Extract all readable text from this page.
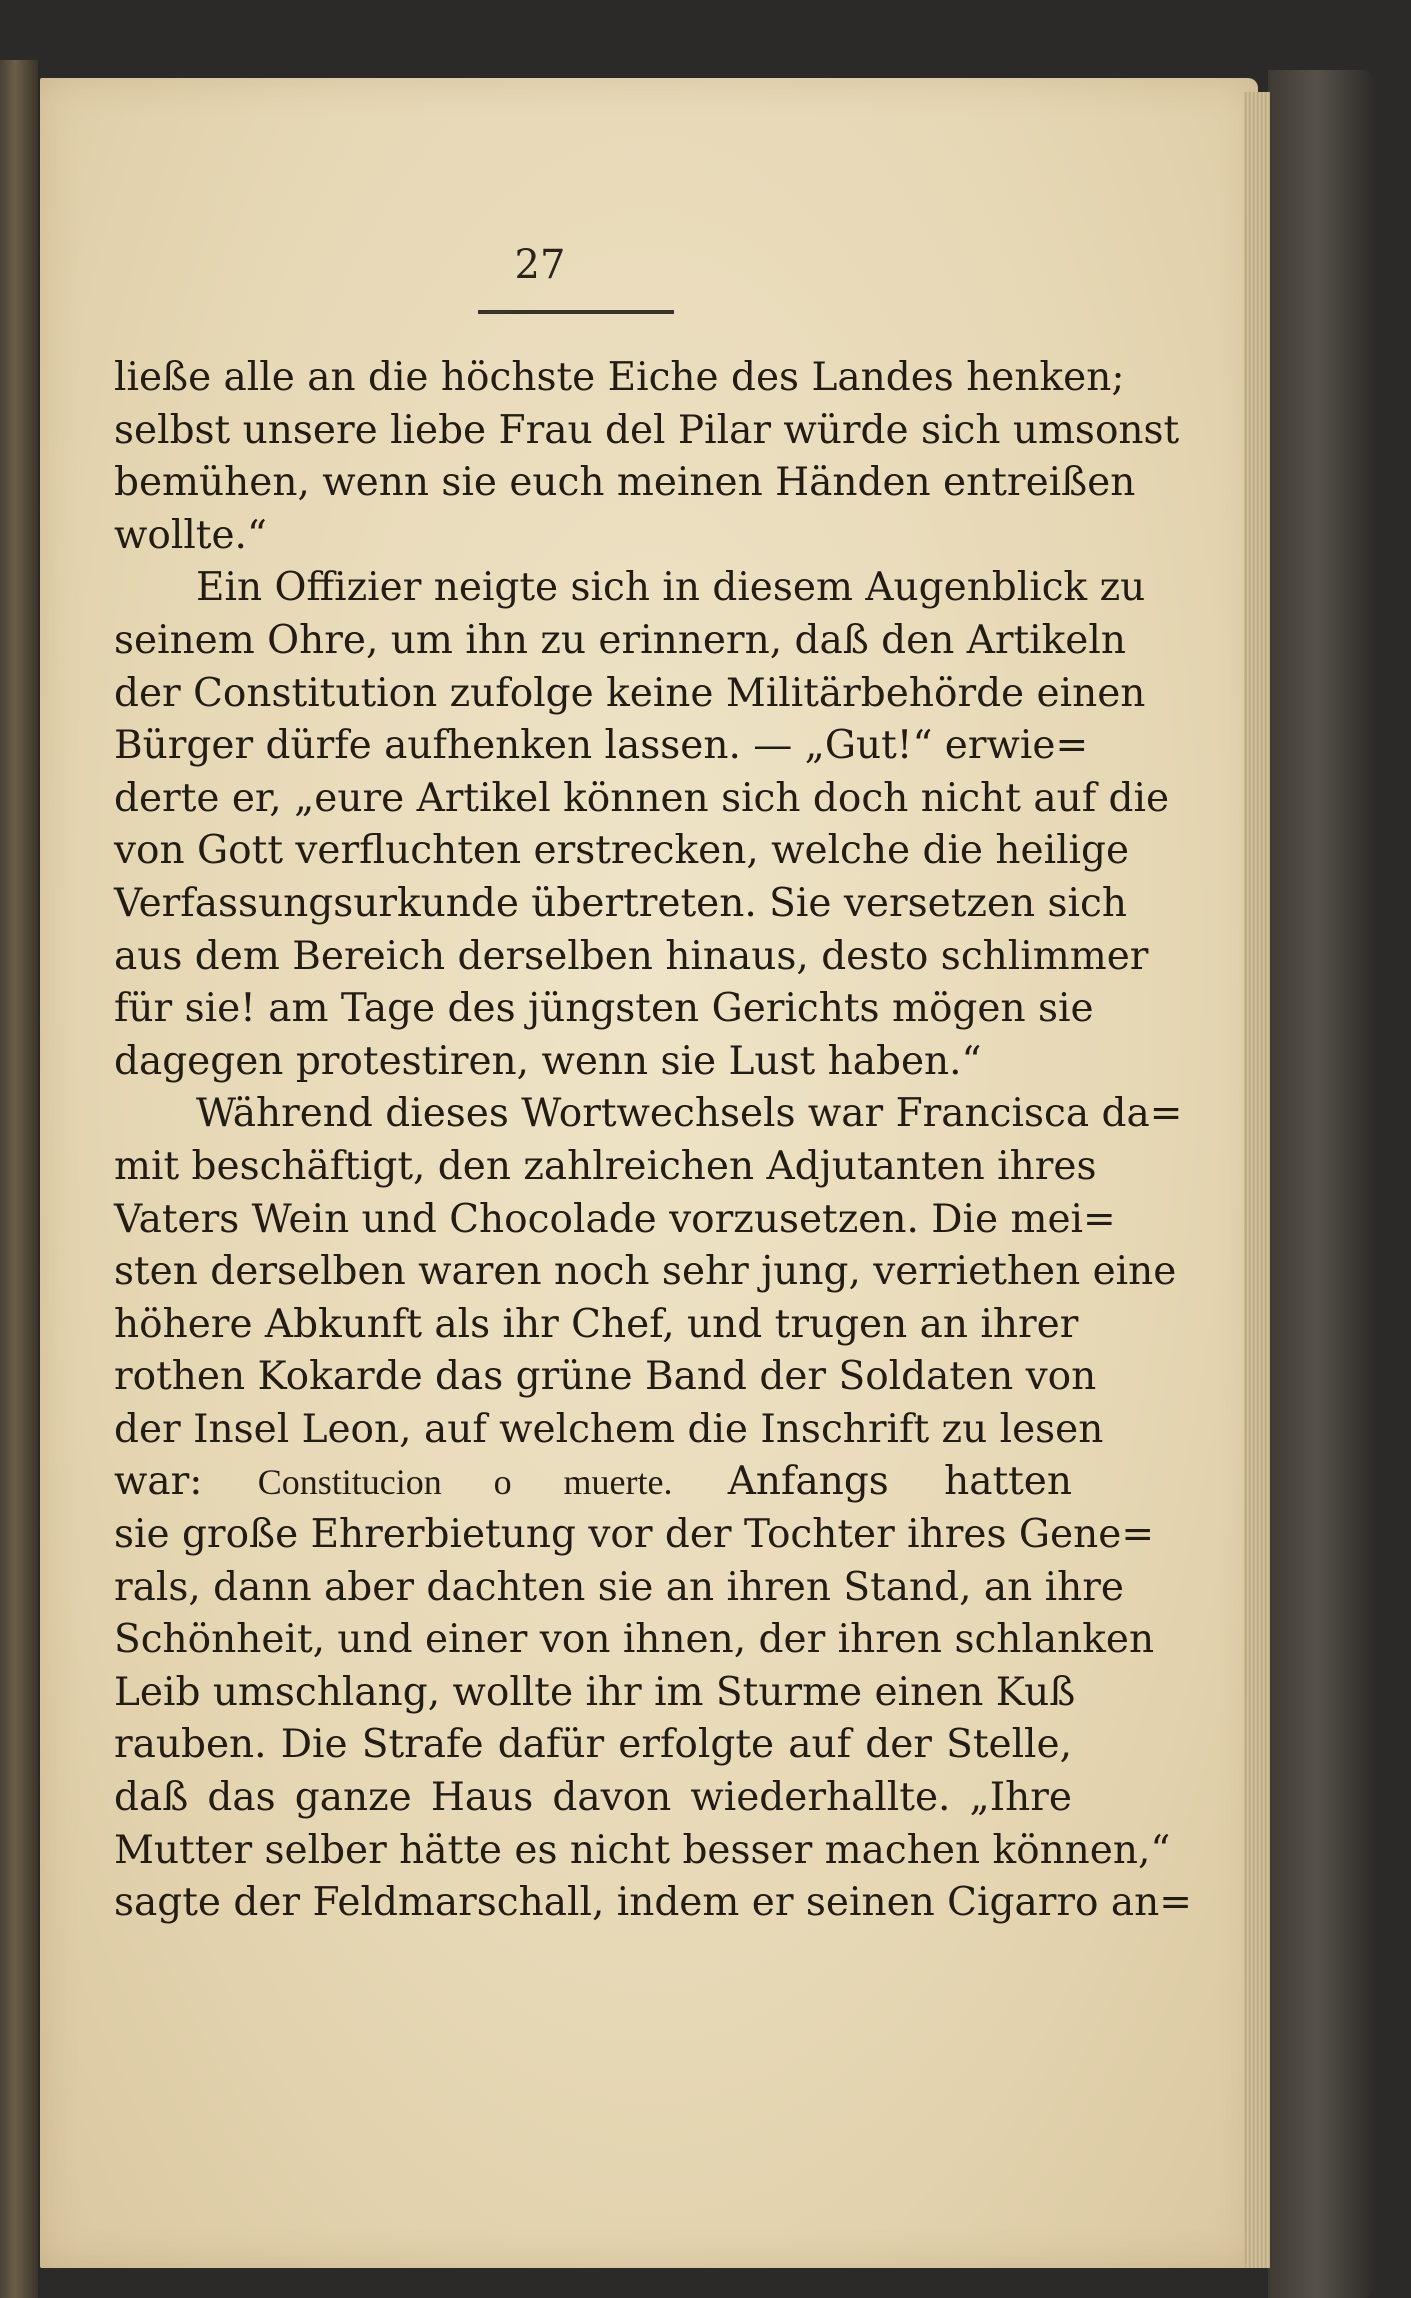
27
ließe alle an die höchste Eiche des Landes henken;
selbst unsere liebe Frau del Pilar würde sich umsonst
bemühen, wenn sie euch meinen Händen entreißen
wollte.“
Ein Offizier neigte sich in diesem Augenblick zu
seinem Ohre, um ihn zu erinnern, daß den Artikeln
der Constitution zufolge keine Militärbehörde einen
Bürger dürfe aufhenken lassen. — „Gut!“ erwie=
derte er, „eure Artikel können sich doch nicht auf die
von Gott verfluchten erstrecken, welche die heilige
Verfassungsurkunde übertreten. Sie versetzen sich
aus dem Bereich derselben hinaus, desto schlimmer
für sie! am Tage des jüngsten Gerichts mögen sie
dagegen protestiren, wenn sie Lust haben.“
Während dieses Wortwechsels war Francisca da=
mit beschäftigt, den zahlreichen Adjutanten ihres
Vaters Wein und Chocolade vorzusetzen. Die mei=
sten derselben waren noch sehr jung, verriethen eine
höhere Abkunft als ihr Chef, und trugen an ihrer
rothen Kokarde das grüne Band der Soldaten von
der Insel Leon, auf welchem die Inschrift zu lesen
war: Constitucion o muerte. Anfangs hatten
sie große Ehrerbietung vor der Tochter ihres Gene=
rals, dann aber dachten sie an ihren Stand, an ihre
Schönheit, und einer von ihnen, der ihren schlanken
Leib umschlang, wollte ihr im Sturme einen Kuß
rauben. Die Strafe dafür erfolgte auf der Stelle,
daß das ganze Haus davon wiederhallte. „Ihre
Mutter selber hätte es nicht besser machen können,“
sagte der Feldmarschall, indem er seinen Cigarro an=
